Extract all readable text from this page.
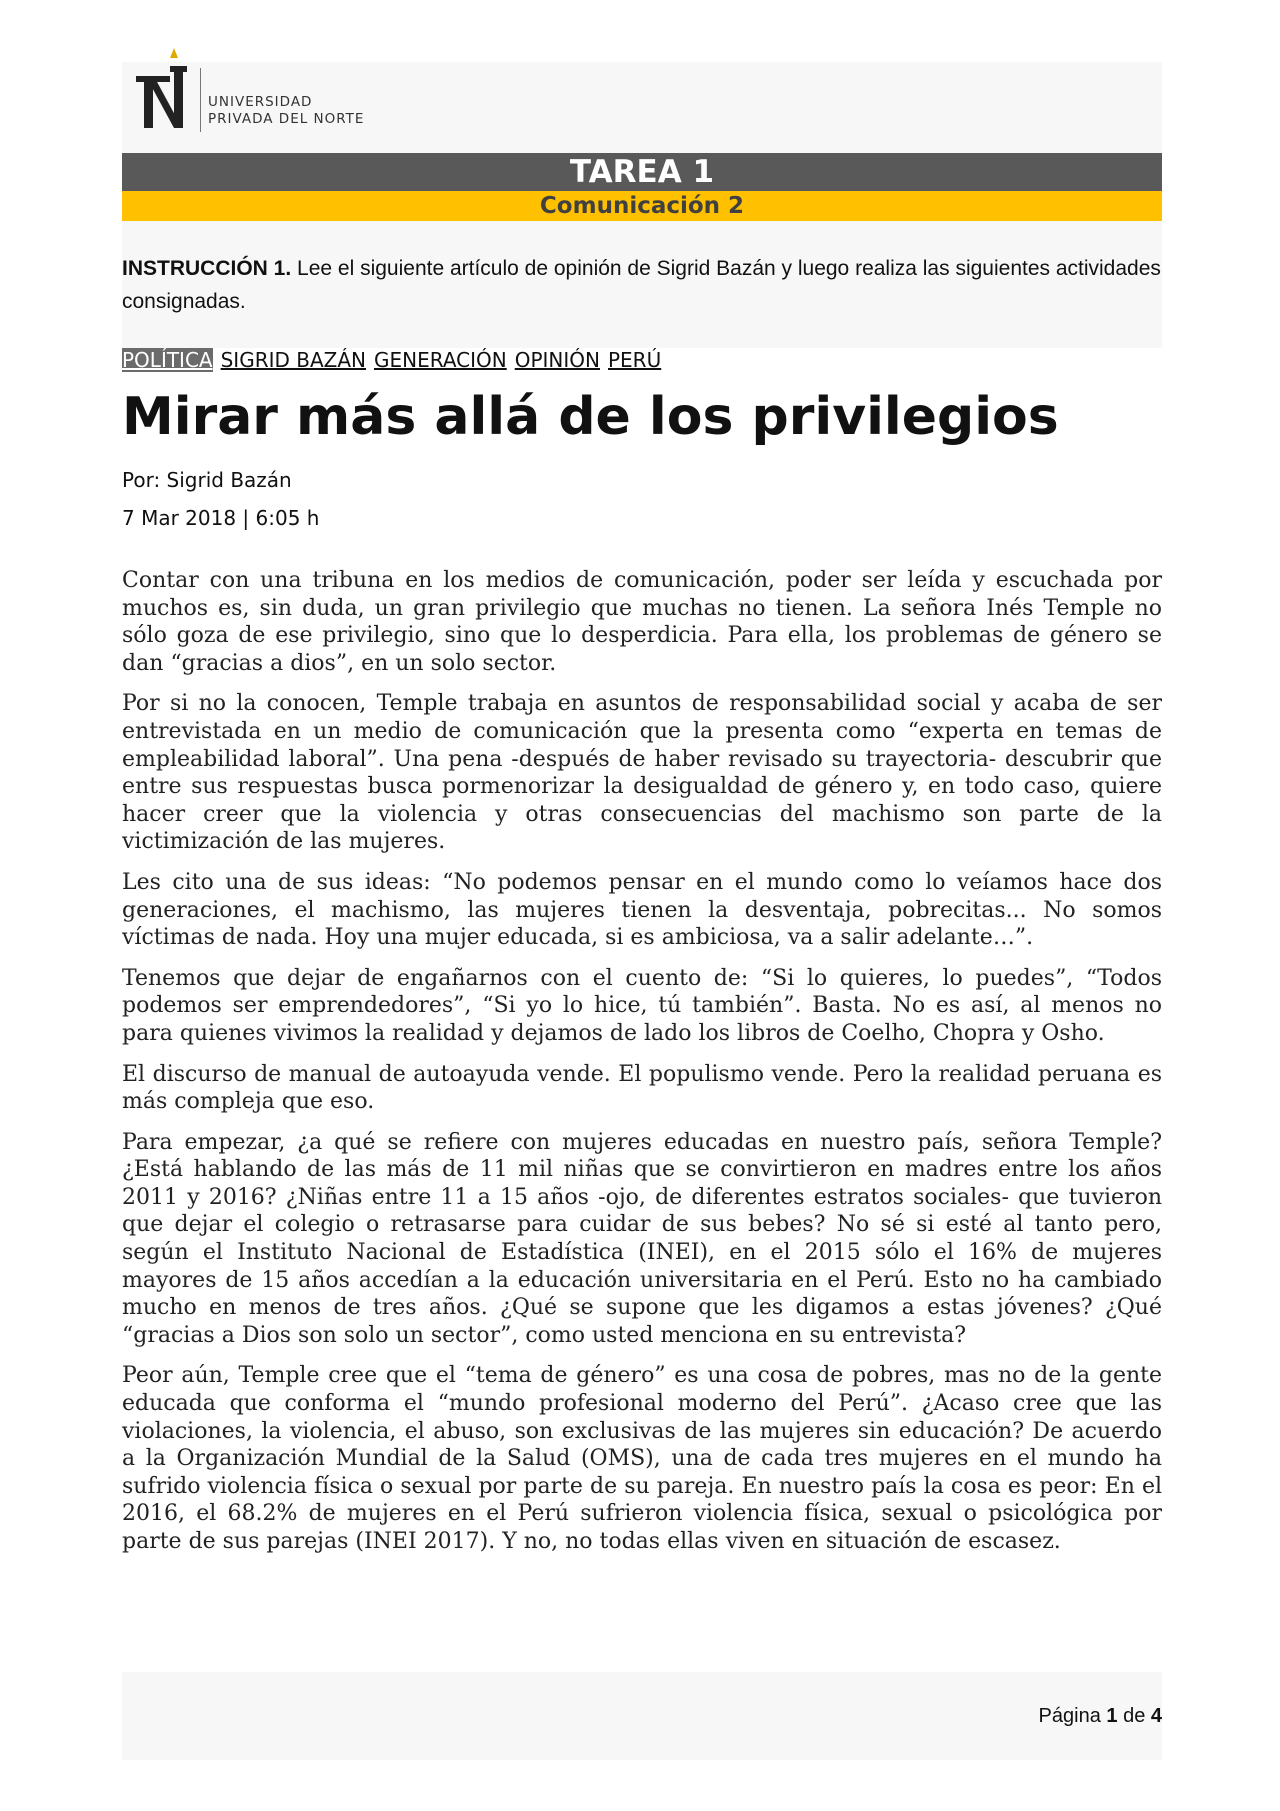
UNIVERSIDAD
PRIVADA DEL NORTE
TAREA 1
Comunicación 2
INSTRUCCIÓN 1. Lee el siguiente artículo de opinión de Sigrid Bazán y luego realiza las siguientes actividades consignadas.
POLÍTICA SIGRID BAZÁN GENERACIÓN OPINIÓN PERÚ
Mirar más allá de los privilegios
Por: Sigrid Bazán
7 Mar 2018 | 6:05 h

Contar con una tribuna en los medios de comunicación, poder ser leída y escuchada por muchos es, sin duda, un gran privilegio que muchas no tienen. La señora Inés Temple no sólo goza de ese privilegio, sino que lo desperdicia. Para ella, los problemas de género se dan “gracias a dios”, en un solo sector.

Por si no la conocen, Temple trabaja en asuntos de responsabilidad social y acaba de ser entrevistada en un medio de comunicación que la presenta como “experta en temas de empleabilidad laboral”. Una pena -después de haber revisado su trayectoria- descubrir que entre sus respuestas busca pormenorizar la desigualdad de género y, en todo caso, quiere hacer creer que la violencia y otras consecuencias del machismo son parte de la victimización de las mujeres.

Les cito una de sus ideas: “No podemos pensar en el mundo como lo veíamos hace dos generaciones, el machismo, las mujeres tienen la desventaja, pobrecitas... No somos víctimas de nada. Hoy una mujer educada, si es ambiciosa, va a salir adelante…”.

Tenemos que dejar de engañarnos con el cuento de: “Si lo quieres, lo puedes”, “Todos podemos ser emprendedores”, “Si yo lo hice, tú también”. Basta. No es así, al menos no para quienes vivimos la realidad y dejamos de lado los libros de Coelho, Chopra y Osho.

El discurso de manual de autoayuda vende. El populismo vende. Pero la realidad peruana es más compleja que eso.

Para empezar, ¿a qué se refiere con mujeres educadas en nuestro país, señora Temple? ¿Está hablando de las más de 11 mil niñas que se convirtieron en madres entre los años 2011 y 2016? ¿Niñas entre 11 a 15 años -ojo, de diferentes estratos sociales- que tuvieron que dejar el colegio o retrasarse para cuidar de sus bebes? No sé si esté al tanto pero, según el Instituto Nacional de Estadística (INEI), en el 2015 sólo el 16% de mujeres mayores de 15 años accedían a la educación universitaria en el Perú. Esto no ha cambiado mucho en menos de tres años. ¿Qué se supone que les digamos a estas jóvenes? ¿Qué “gracias a Dios son solo un sector”, como usted menciona en su entrevista?

Peor aún, Temple cree que el “tema de género” es una cosa de pobres, mas no de la gente educada que conforma el “mundo profesional moderno del Perú”. ¿Acaso cree que las violaciones, la violencia, el abuso, son exclusivas de las mujeres sin educación? De acuerdo a la Organización Mundial de la Salud (OMS), una de cada tres mujeres en el mundo ha sufrido violencia física o sexual por parte de su pareja. En nuestro país la cosa es peor: En el 2016, el 68.2% de mujeres en el Perú sufrieron violencia física, sexual o psicológica por parte de sus parejas (INEI 2017). Y no, no todas ellas viven en situación de escasez.

Página 1 de 4
